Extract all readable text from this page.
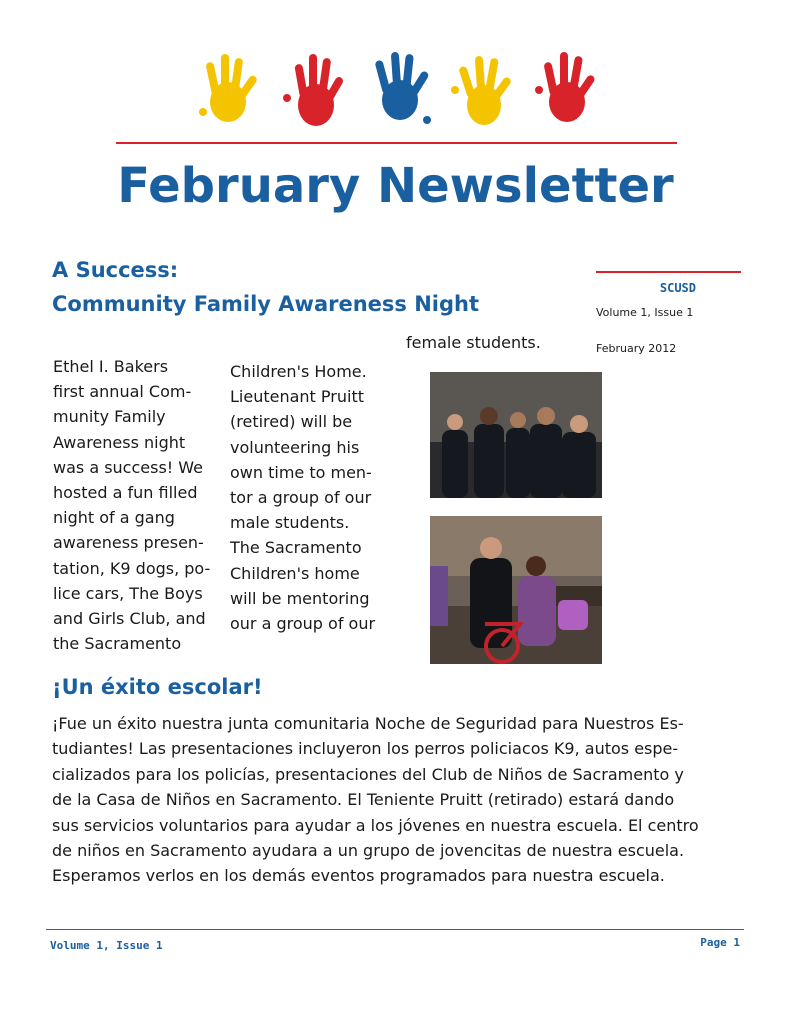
February Newsletter
A Success:
Community Family Awareness Night
SCUSD
Volume 1, Issue 1
February 2012
Ethel I. Bakers
first annual Com-
munity Family
Awareness night
was a success! We
hosted a fun filled
night of a gang
awareness presen-
tation, K9 dogs, po-
lice cars, The Boys
and Girls Club, and
the Sacramento
Children's Home.
Lieutenant Pruitt
(retired) will be
volunteering his
own time to men-
tor a group of our
male students.
The Sacramento
Children's home
will be mentoring
our a group of our
female students.
¡Un éxito escolar!
¡Fue un éxito nuestra junta comunitaria Noche de Seguridad para Nuestros Es-
tudiantes! Las presentaciones incluyeron los perros policiacos K9, autos espe-
cializados para los policías, presentaciones del Club de Niños de Sacramento y
de la Casa de Niños en Sacramento. El Teniente Pruitt (retirado) estará dando
sus servicios voluntarios para ayudar a los jóvenes en nuestra escuela. El centro
de niños en Sacramento ayudara a un grupo de jovencitas de nuestra escuela.
Esperamos verlos en los demás eventos programados para nuestra escuela.
Volume 1, Issue 1	Page 1
